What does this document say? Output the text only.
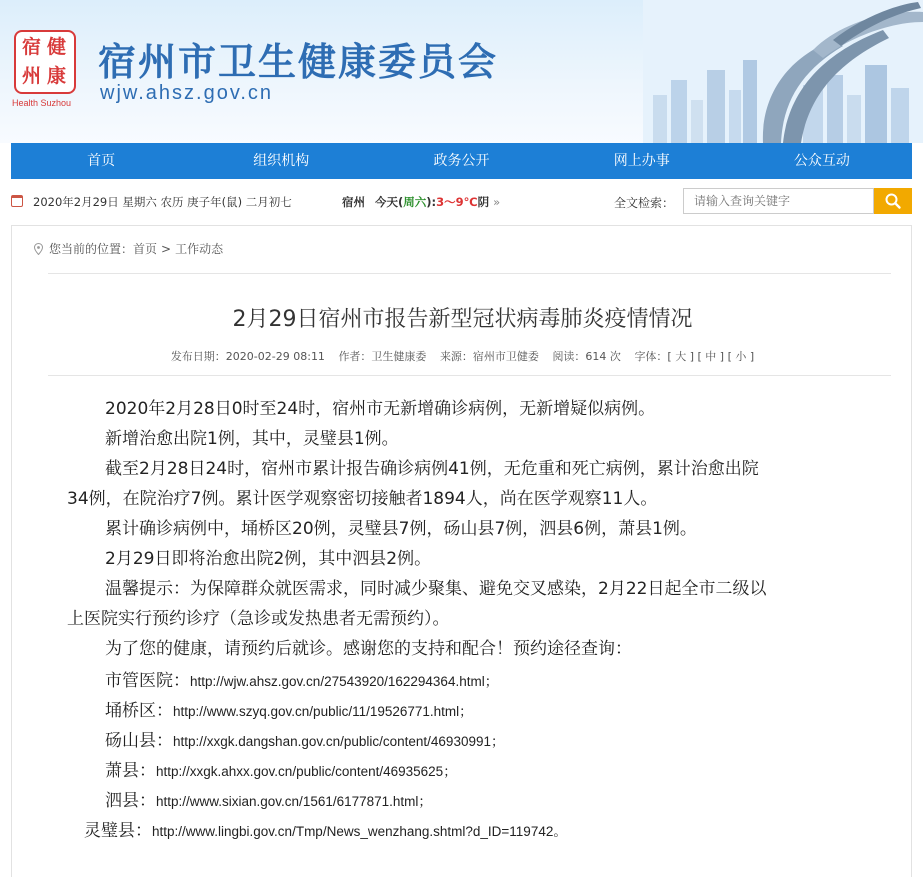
健
宿
州 康
Health Suzhou
宿州市卫生健康委员会
wjw.ahsz.gov.cn
首页	组织机构	政务公开	网上办事	公众互动
2020年2月29日 星期六 农历 庚子年(鼠) 二月初七	宿州 今天(周六):3～9℃阴 »	全文检索：
请输入查询关键字
您当前的位置：首页 > 工作动态
2月29日宿州市报告新型冠状病毒肺炎疫情情况
发布日期：2020-02-29 08:11 作者：卫生健康委 来源：宿州市卫健委 阅读：614 次 字体：[ 大 ] [ 中 ] [ 小 ]
2020年2月28日0时至24时，宿州市无新增确诊病例，无新增疑似病例。
新增治愈出院1例，其中，灵璧县1例。
截至2月28日24时，宿州市累计报告确诊病例41例，无危重和死亡病例，累计治愈出院
34例，在院治疗7例。累计医学观察密切接触者1894人，尚在医学观察11人。
累计确诊病例中，埇桥区20例，灵璧县7例，砀山县7例，泗县6例，萧县1例。
2月29日即将治愈出院2例，其中泗县2例。
温馨提示：为保障群众就医需求，同时减少聚集、避免交叉感染，2月22日起全市二级以
上医院实行预约诊疗（急诊或发热患者无需预约）。
为了您的健康，请预约后就诊。感谢您的支持和配合！预约途径查询：
市管医院：http://wjw.ahsz.gov.cn/27543920/162294364.html；
埇桥区：http://www.szyq.gov.cn/public/11/19526771.html；
砀山县：http://xxgk.dangshan.gov.cn/public/content/46930991；
萧县：http://xxgk.ahxx.gov.cn/public/content/46935625；
泗县：http://www.sixian.gov.cn/1561/6177871.html；
灵璧县：http://www.lingbi.gov.cn/Tmp/News_wenzhang.shtml?d_ID=119742。
